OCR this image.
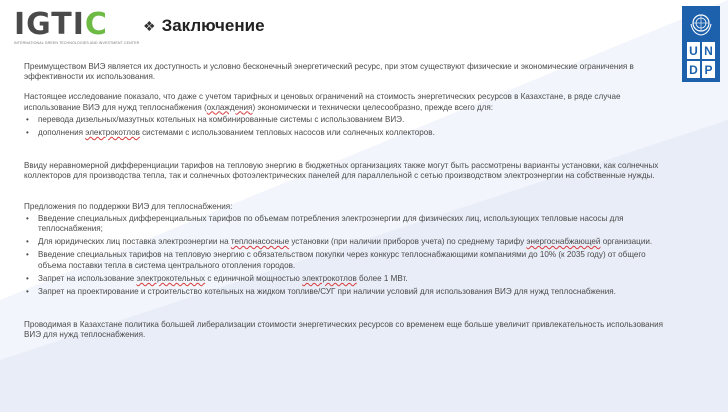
IGTIC
INTERNATIONAL GREEN TECHNOLOGIES AND INVESTMENT CENTER
❖ Заключение
U N
D P

Преимуществом ВИЭ является их доступность и условно бесконечный энергетический ресурс, при этом существуют физические и экономические ограничения в эффективности их использования.

Настоящее исследование показало, что даже с учетом тарифных и ценовых ограничений на стоимость энергетических ресурсов в Казахстане, в ряде случае использование ВИЭ для нужд теплоснабжения (охлаждения) экономически и технически целесообразно, прежде всего для:

• перевода дизельных/мазутных котельных на комбинированные системы с использованием ВИЭ.
• дополнения электрокотлов системами с использованием тепловых насосов или солнечных коллекторов.

Ввиду неравномерной дифференциации тарифов на тепловую энергию в бюджетных организациях также могут быть рассмотрены варианты установки, как солнечных коллекторов для производства тепла, так и солнечных фотоэлектрических панелей для параллельной с сетью производством электроэнергии на собственные нужды.

Предложения по поддержки ВИЭ для теплоснабжения:

• Введение специальных дифференциальных тарифов по объемам потребления электроэнергии для физических лиц, использующих тепловые насосы для теплоснабжения;
• Для юридических лиц поставка электроэнергии на теплонасосные установки (при наличии приборов учета) по среднему тарифу энергоснабжающей организации.
• Введение специальных тарифов на тепловую энергию с обязательством покупки через конкурс теплоснабжающими компаниями до 10% (к 2035 году) от общего объема поставки тепла в система центрального отопления городов.
• Запрет на использование электрокотельных с единичной мощностью электрокотлов более 1 МВт.
• Запрет на проектирование и строительство котельных на жидком топливе/СУГ при наличии условий для использования ВИЭ для нужд теплоснабжения.

Проводимая в Казахстане политика большей либерализации стоимости энергетических ресурсов со временем еще больше увеличит привлекательность использования ВИЭ для нужд теплоснабжения.
